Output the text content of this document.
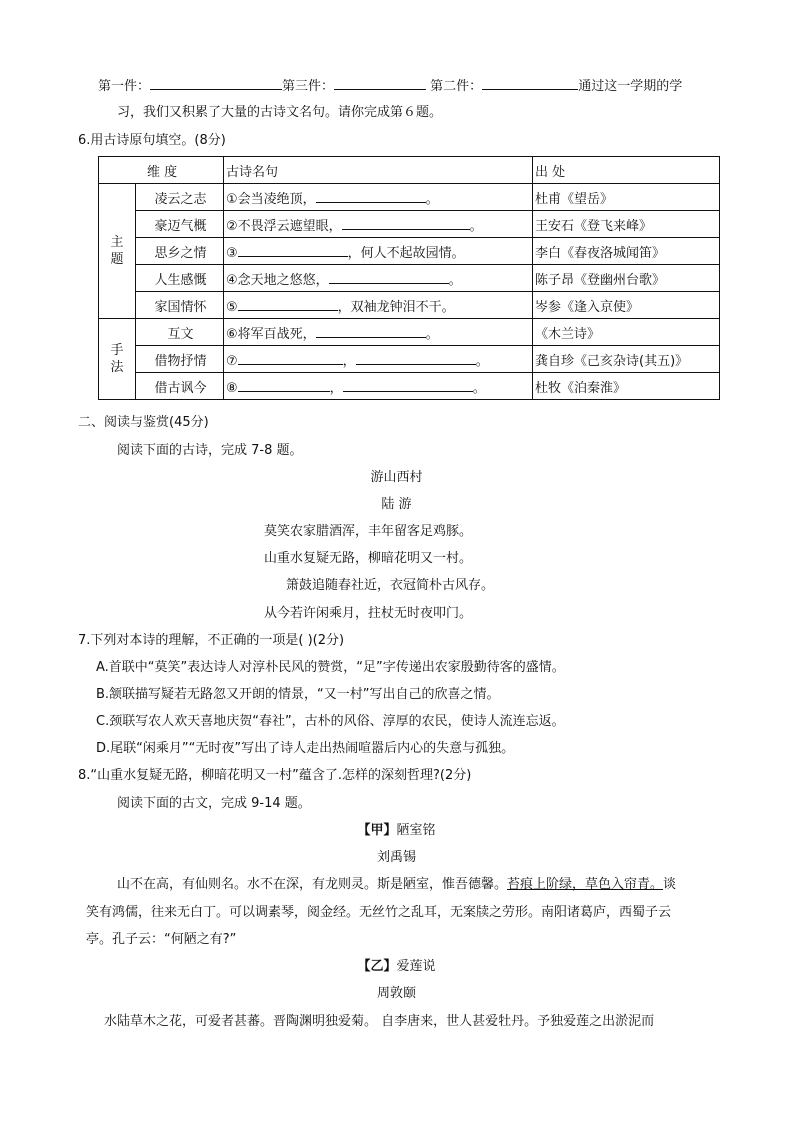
第一件：	第三件：	第二件：	通过这一学期的学
习，我们又积累了大量的古诗文名句。请你完成第６题。
6.用古诗原句填空。(8分)
维 度		古诗名句	出 处
主题	凌云之志	①会当凌绝顶， 。	杜甫《望岳》
	豪迈气概	②不畏浮云遮望眼， 。	王安石《登飞来峰》
	思乡之情	③ ，何人不起故园情。	李白《春夜洛城闻笛》
	人生感慨	④念天地之悠悠， 。	陈子昂《登幽州台歌》
	家国情怀	⑤ ，双袖龙钟泪不干。	岑参《逢入京使》
手法	互文	⑥将军百战死， 。	《木兰诗》
	借物抒情	⑦ ， 。	龚自珍《己亥杂诗(其五)》
	借古讽今	⑧ ， 。	杜牧《泊秦淮》
二、阅读与鉴赏(45分)
阅读下面的古诗，完成 7-8 题。
游山西村
陆 游
莫笑农家腊酒浑，丰年留客足鸡豚。
山重水复疑无路，柳暗花明又一村。
箫鼓追随春社近，衣冠简朴古风存。
从今若许闲乘月，拄杖无时夜叩门。
7.下列对本诗的理解，不正确的一项是( )(2分)
A.首联中“莫笑”表达诗人对淳朴民风的赞赏，“足”字传递出农家殷勤待客的盛情。
B.颔联描写疑若无路忽又开朗的情景，“又一村”写出自己的欣喜之情。
C.颈联写农人欢天喜地庆贺“春社”，古朴的风俗、淳厚的农民，使诗人流连忘返。
D.尾联“闲乘月”“无时夜”写出了诗人走出热闹喧嚣后内心的失意与孤独。
8.“山重水复疑无路，柳暗花明又一村”蕴含了.怎样的深刻哲理?(2分)
阅读下面的古文，完成 9-14 题。
【甲】陋室铭
刘禹锡
山不在高，有仙则名。水不在深，有龙则灵。斯是陋室，惟吾德馨。苔痕上阶绿，草色入帘青。谈
笑有鸿儒，往来无白丁。可以调素琴，阅金经。无丝竹之乱耳，无案牍之劳形。南阳诸葛庐，西蜀子云
亭。孔子云：“何陋之有?”
【乙】爱莲说
周敦颐
水陆草木之花，可爱者甚蕃。晋陶渊明独爱菊。 自李唐来，世人甚爱牡丹。予独爱莲之出淤泥而
